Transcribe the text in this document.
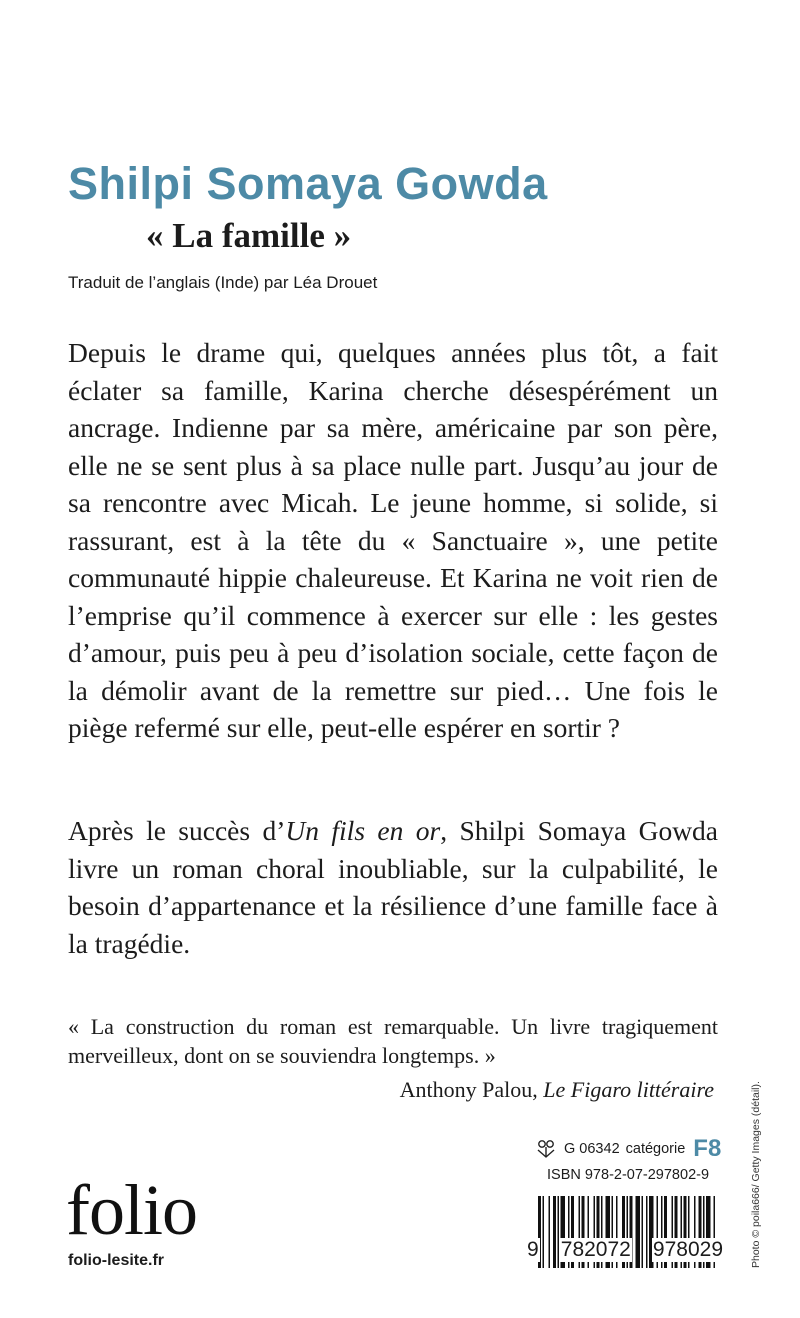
Shilpi Somaya Gowda
« La famille »

Traduit de l’anglais (Inde) par Léa Drouet

Depuis le drame qui, quelques années plus tôt, a fait éclater sa famille, Karina cherche désespérément un ancrage. Indienne par sa mère, américaine par son père, elle ne se sent plus à sa place nulle part. Jusqu’au jour de sa rencontre avec Micah. Le jeune homme, si solide, si rassurant, est à la tête du « Sanctuaire », une petite communauté hippie chaleureuse. Et Karina ne voit rien de l’emprise qu’il commence à exercer sur elle : les gestes d’amour, puis peu à peu d’isolation sociale, cette façon de la démolir avant de la remettre sur pied… Une fois le piège refermé sur elle, peut-elle espérer en sortir ?

Après le succès d’Un fils en or, Shilpi Somaya Gowda livre un roman choral inoubliable, sur la culpabilité, le besoin d’appartenance et la résilience d’une famille face à la tragédie.

« La construction du roman est remarquable. Un livre tragiquement merveilleux, dont on se souviendra longtemps. »

Anthony Palou, Le Figaro littéraire

G 06342 catégorie F8

ISBN 978-2-07-297802-9

folio

folio-lesite.fr	9 782072 978029	Photo © poila666/ Getty Images (détail).
